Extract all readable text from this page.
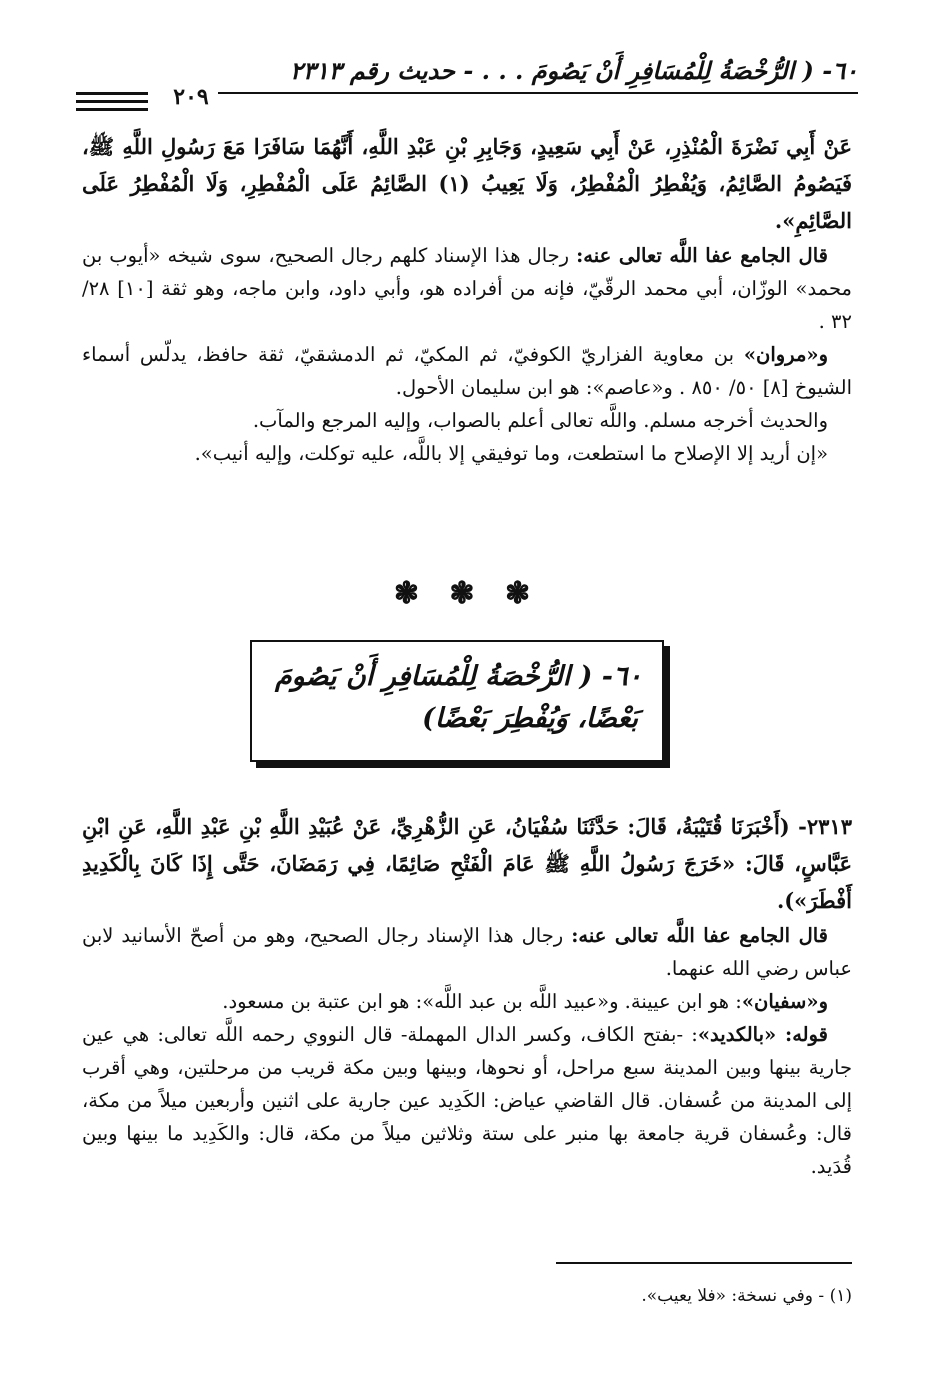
٦٠- ( الرُّخْصَةُ لِلْمُسَافِرِ أَنْ يَصُومَ . . . - حديث رقم ٢٣١٣
٢٠٩

عَنْ أَبِي نَضْرَةَ الْمُنْذِرِ، عَنْ أَبِي سَعِيدٍ، وَجَابِرِ بْنِ عَبْدِ اللَّهِ، أَنَّهُمَا سَافَرَا مَعَ رَسُولِ اللَّهِ ﷺ، فَيَصُومُ الصَّائِمُ، وَيُفْطِرُ الْمُفْطِرُ، وَلَا يَعِيبُ (١) الصَّائِمُ عَلَى الْمُفْطِرِ، وَلَا الْمُفْطِرُ عَلَى الصَّائِمِ».

قال الجامع عفا اللَّه تعالى عنه: رجال هذا الإسناد كلهم رجال الصحيح، سوى شيخه «أيوب بن محمد» الوزّان، أبي محمد الرقّيّ، فإنه من أفراده هو، وأبي داود، وابن ماجه، وهو ثقة [١٠] ٢٨/ ٣٢ .

و«مروان» بن معاوية الفزاريّ الكوفيّ، ثم المكيّ، ثم الدمشقيّ، ثقة حافظ، يدلّس أسماء الشيوخ [٨] ٥٠/ ٨٥٠ . و«عاصم»: هو ابن سليمان الأحول.

والحديث أخرجه مسلم. واللَّه تعالى أعلم بالصواب، وإليه المرجع والمآب.

«إن أريد إلا الإصلاح ما استطعت، وما توفيقي إلا باللَّه، عليه توكلت، وإليه أنيب».

❃ ❃ ❃
٦٠- ( الرُّخْصَةُ لِلْمُسَافِرِ أَنْ يَصُومَ
بَعْضًا، وَيُفْطِرَ بَعْضًا)

٢٣١٣- (أَخْبَرَنَا قُتَيْبَةُ، قَالَ: حَدَّثَنَا سُفْيَانُ، عَنِ الزُّهْرِيِّ، عَنْ عُبَيْدِ اللَّهِ بْنِ عَبْدِ اللَّهِ، عَنِ ابْنِ عَبَّاسٍ، قَالَ: «خَرَجَ رَسُولُ اللَّهِ ﷺ عَامَ الْفَتْحِ صَائِمًا، فِي رَمَضَانَ، حَتَّى إِذَا كَانَ بِالْكَدِيدِ أَفْطَرَ»).

قال الجامع عفا اللَّه تعالى عنه: رجال هذا الإسناد رجال الصحيح، وهو من أصحّ الأسانيد لابن عباس رضي الله عنهما.

و«سفيان»: هو ابن عيينة. و«عبيد اللَّه بن عبد اللَّه»: هو ابن عتبة بن مسعود.

قوله: «بالكديد»: -بفتح الكاف، وكسر الدال المهملة- قال النووي رحمه اللَّه تعالى: هي عين جارية بينها وبين المدينة سبع مراحل، أو نحوها، وبينها وبين مكة قريب من مرحلتين، وهي أقرب إلى المدينة من عُسفان. قال القاضي عياض: الكَدِيد عين جارية على اثنين وأربعين ميلاً من مكة، قال: وعُسفان قرية جامعة بها منبر على ستة وثلاثين ميلاً من مكة، قال: والكَدِيد ما بينها وبين قُدَيد.

(١) - وفي نسخة: «فلا يعيب».
